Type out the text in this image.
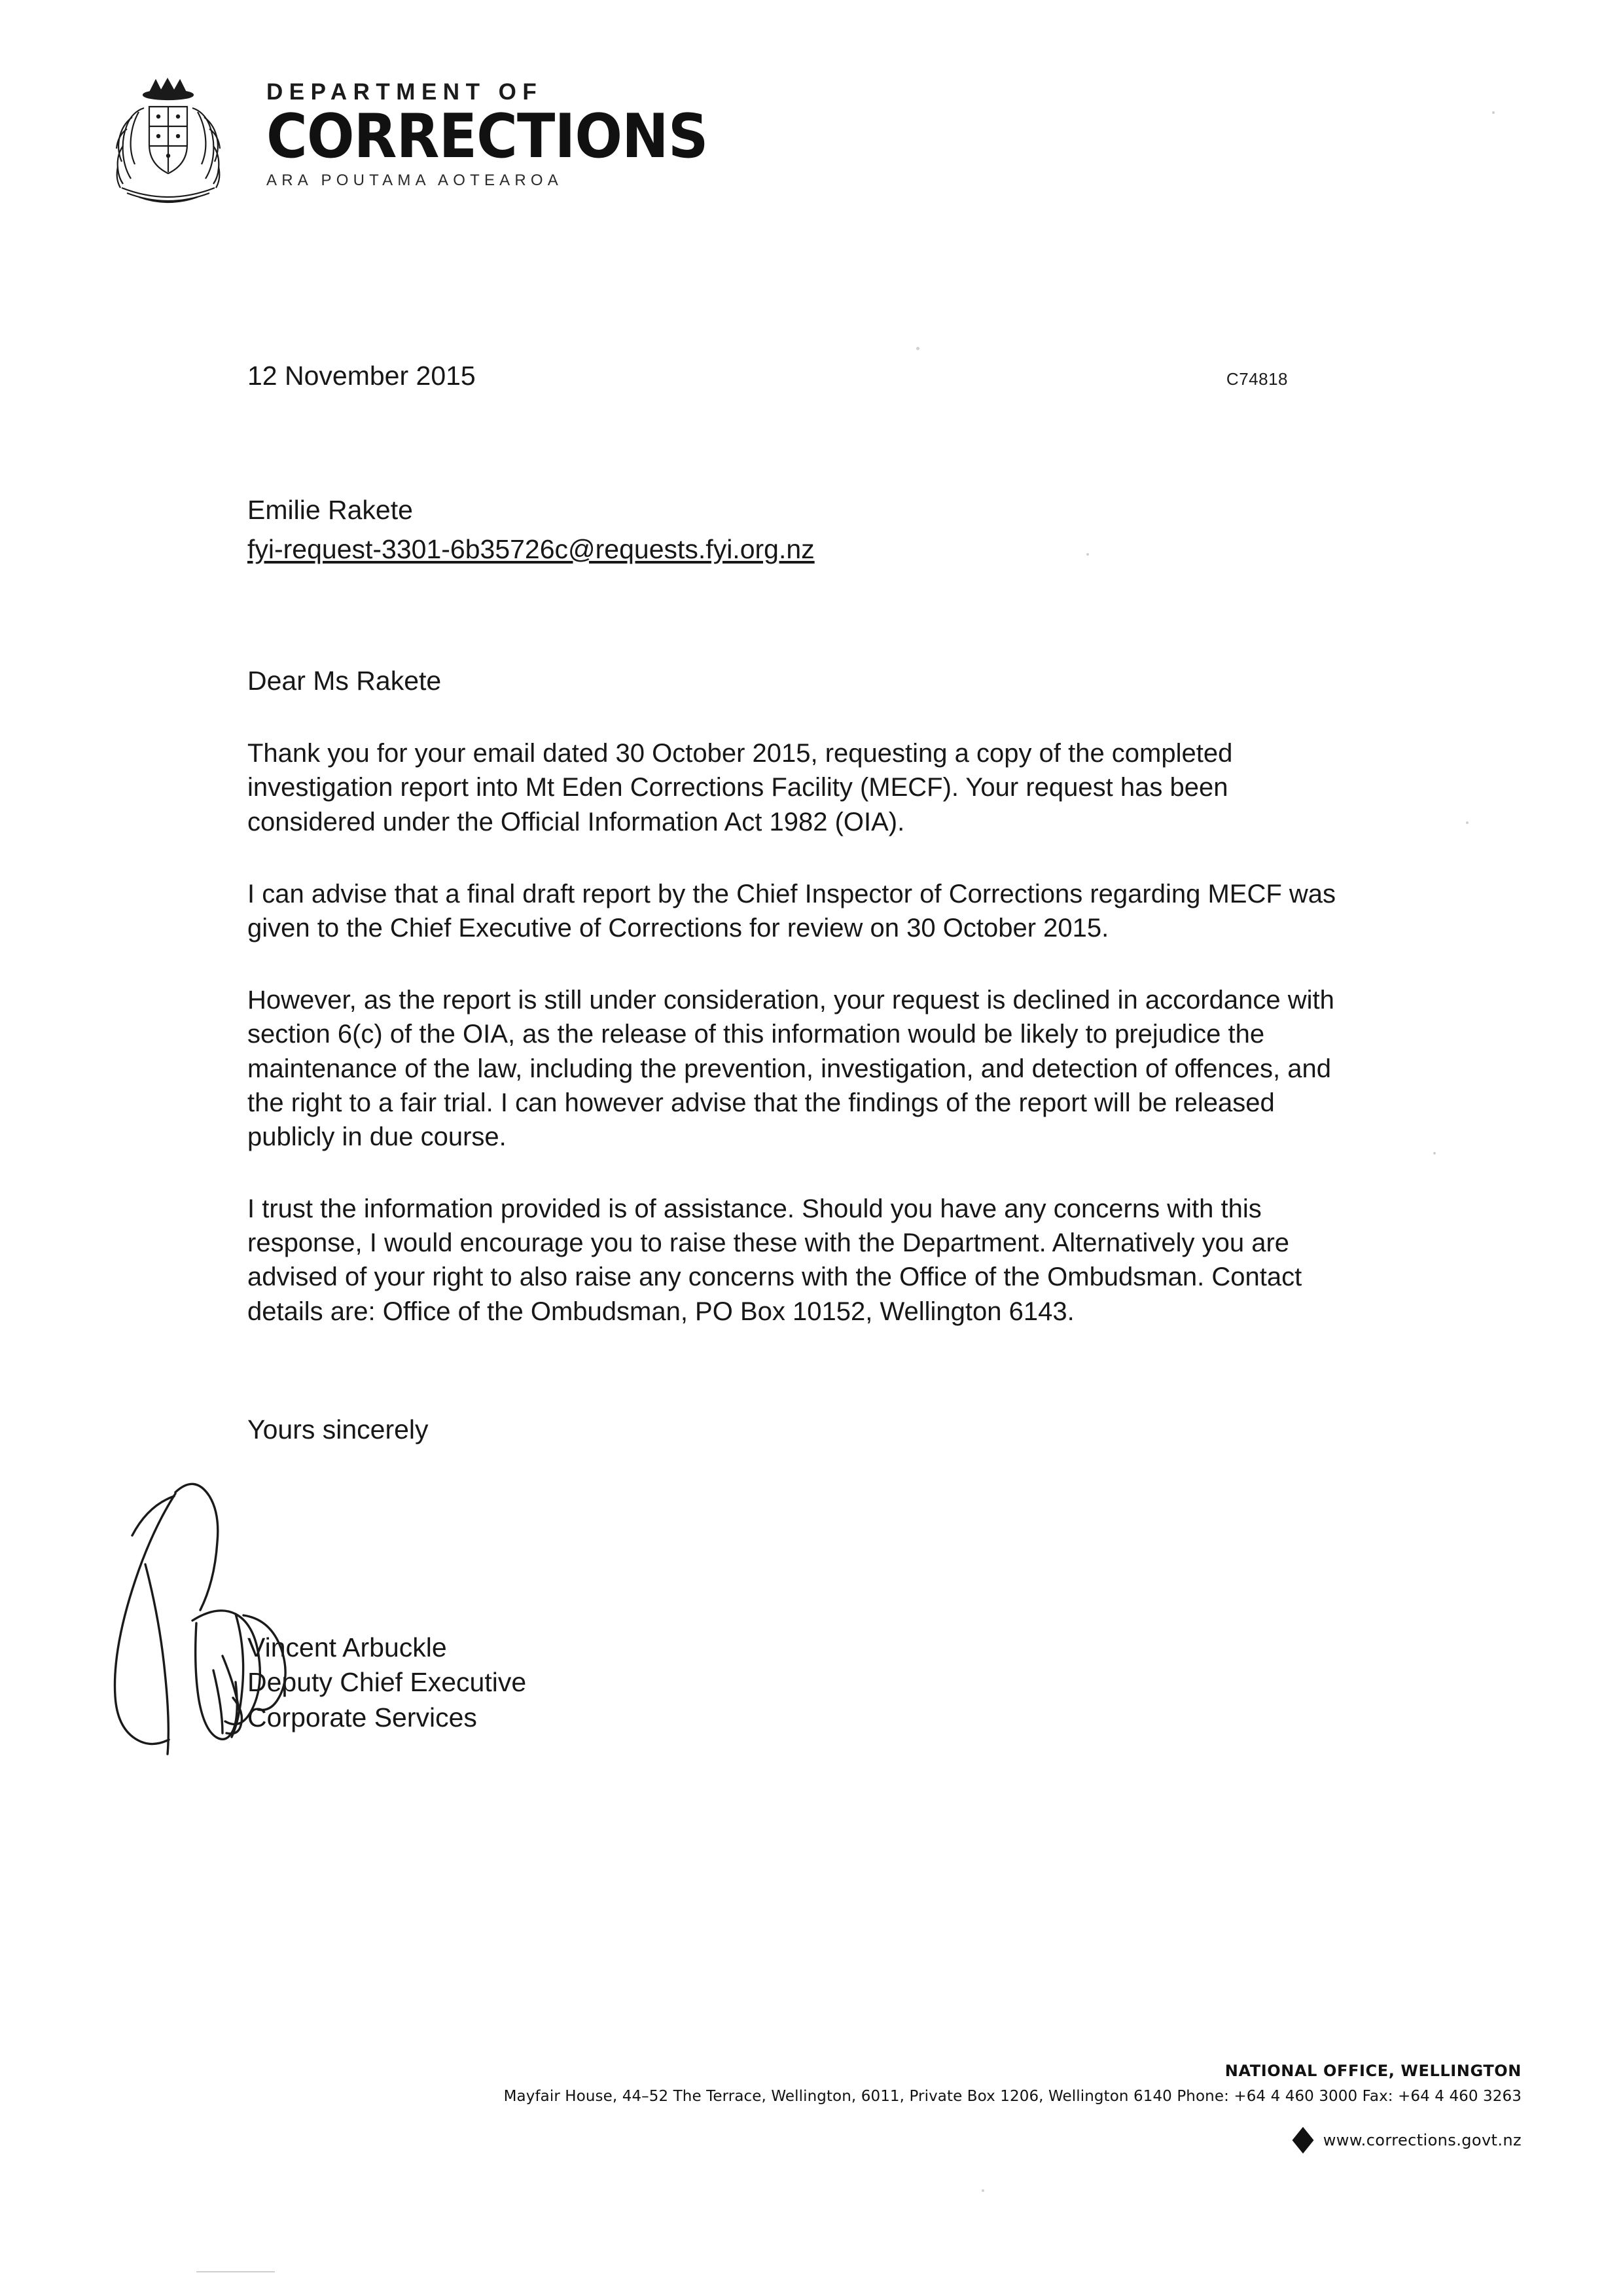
DEPARTMENT OF
CORRECTIONS
ARA POUTAMA AOTEAROA
12 November 2015	C74818
Emilie Rakete
fyi-request-3301-6b35726c@requests.fyi.org.nz
Dear Ms Rakete

Thank you for your email dated 30 October 2015, requesting a copy of the completed investigation report into Mt Eden Corrections Facility (MECF). Your request has been considered under the Official Information Act 1982 (OIA).

I can advise that a final draft report by the Chief Inspector of Corrections regarding MECF was given to the Chief Executive of Corrections for review on 30 October 2015.

However, as the report is still under consideration, your request is declined in accordance with section 6(c) of the OIA, as the release of this information would be likely to prejudice the maintenance of the law, including the prevention, investigation, and detection of offences, and the right to a fair trial. I can however advise that the findings of the report will be released publicly in due course.

I trust the information provided is of assistance. Should you have any concerns with this response, I would encourage you to raise these with the Department. Alternatively you are advised of your right to also raise any concerns with the Office of the Ombudsman. Contact details are: Office of the Ombudsman, PO Box 10152, Wellington 6143.

Yours sincerely
Vincent Arbuckle
Deputy Chief Executive
Corporate Services
NATIONAL OFFICE, WELLINGTON
Mayfair House, 44–52 The Terrace, Wellington, 6011, Private Box 1206, Wellington 6140 Phone: +64 4 460 3000 Fax: +64 4 460 3263
www.corrections.govt.nz
